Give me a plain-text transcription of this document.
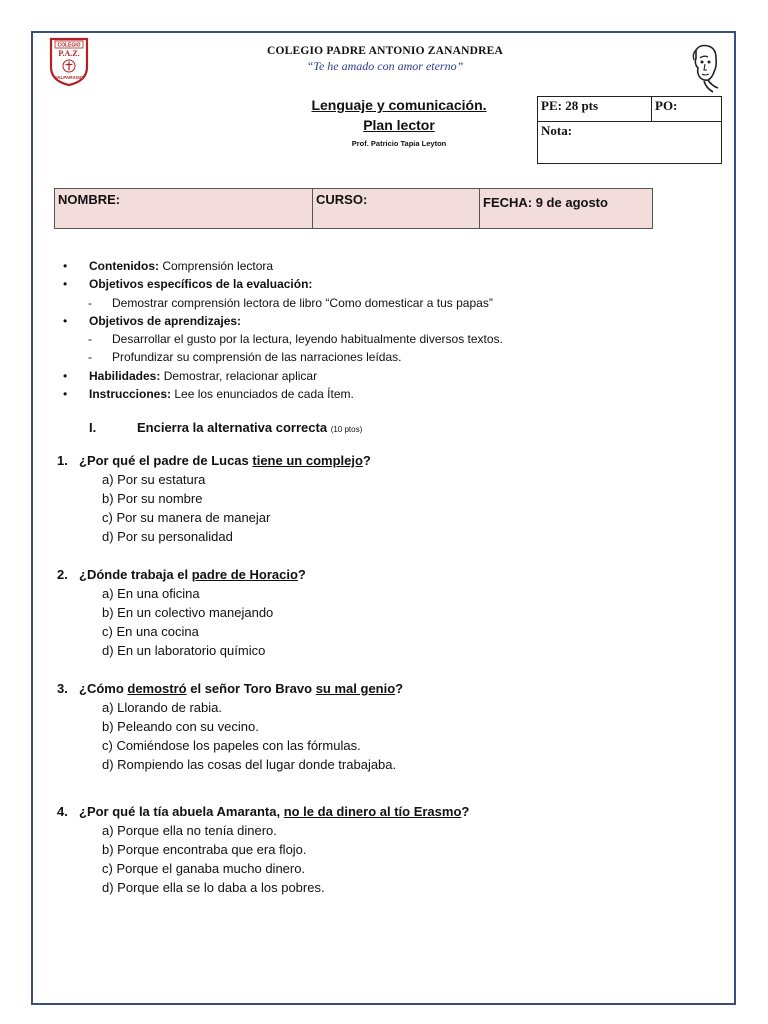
COLEGIO
P.A.Z.
VALPARAISO
COLEGIO PADRE ANTONIO ZANANDREA
“Te he amado con amor eterno”
Lenguaje y comunicación.
Plan lector
Prof. Patricio Tapia Leyton
PE: 28 pts	PO:
Nota:
NOMBRE:	CURSO:	FECHA: 9 de agosto
• Contenidos: Comprensión lectora
• Objetivos específicos de la evaluación:
- Demostrar comprensión lectora de libro “Como domesticar a tus papas”
• Objetivos de aprendizajes:
- Desarrollar el gusto por la lectura, leyendo habitualmente diversos textos.
- Profundizar su comprensión de las narraciones leídas.
• Habilidades: Demostrar, relacionar aplicar
• Instrucciones: Lee los enunciados de cada Ítem.
I.	Encierra la alternativa correcta (10 ptos)
1. ¿Por qué el padre de Lucas tiene un complejo?
a) Por su estatura
b) Por su nombre
c) Por su manera de manejar
d) Por su personalidad
2. ¿Dónde trabaja el padre de Horacio?
a) En una oficina
b) En un colectivo manejando
c) En una cocina
d) En un laboratorio químico
3. ¿Cómo demostró el señor Toro Bravo su mal genio?
a) Llorando de rabia.
b) Peleando con su vecino.
c) Comiéndose los papeles con las fórmulas.
d) Rompiendo las cosas del lugar donde trabajaba.
4. ¿Por qué la tía abuela Amaranta, no le da dinero al tío Erasmo?
a) Porque ella no tenía dinero.
b) Porque encontraba que era flojo.
c) Porque el ganaba mucho dinero.
d) Porque ella se lo daba a los pobres.
